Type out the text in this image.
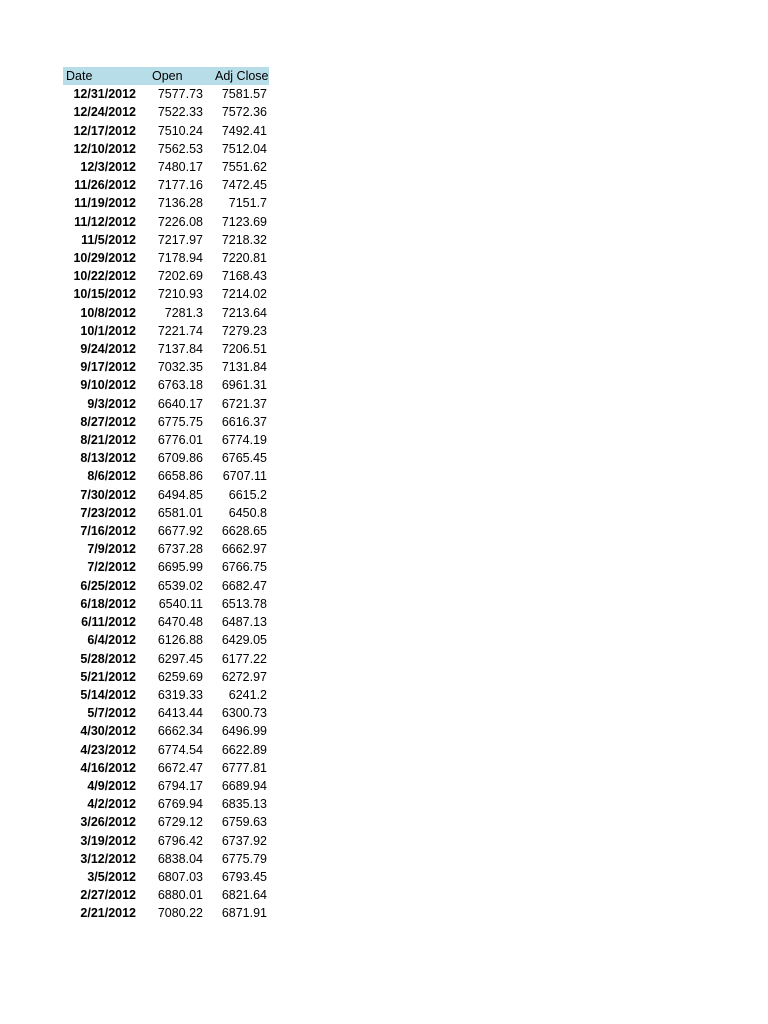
Date	Open	Adj Close
12/31/2012	7577.73	7581.57
12/24/2012	7522.33	7572.36
12/17/2012	7510.24	7492.41
12/10/2012	7562.53	7512.04
12/3/2012	7480.17	7551.62
11/26/2012	7177.16	7472.45
11/19/2012	7136.28	7151.7
11/12/2012	7226.08	7123.69
11/5/2012	7217.97	7218.32
10/29/2012	7178.94	7220.81
10/22/2012	7202.69	7168.43
10/15/2012	7210.93	7214.02
10/8/2012	7281.3	7213.64
10/1/2012	7221.74	7279.23
9/24/2012	7137.84	7206.51
9/17/2012	7032.35	7131.84
9/10/2012	6763.18	6961.31
9/3/2012	6640.17	6721.37
8/27/2012	6775.75	6616.37
8/21/2012	6776.01	6774.19
8/13/2012	6709.86	6765.45
8/6/2012	6658.86	6707.11
7/30/2012	6494.85	6615.2
7/23/2012	6581.01	6450.8
7/16/2012	6677.92	6628.65
7/9/2012	6737.28	6662.97
7/2/2012	6695.99	6766.75
6/25/2012	6539.02	6682.47
6/18/2012	6540.11	6513.78
6/11/2012	6470.48	6487.13
6/4/2012	6126.88	6429.05
5/28/2012	6297.45	6177.22
5/21/2012	6259.69	6272.97
5/14/2012	6319.33	6241.2
5/7/2012	6413.44	6300.73
4/30/2012	6662.34	6496.99
4/23/2012	6774.54	6622.89
4/16/2012	6672.47	6777.81
4/9/2012	6794.17	6689.94
4/2/2012	6769.94	6835.13
3/26/2012	6729.12	6759.63
3/19/2012	6796.42	6737.92
3/12/2012	6838.04	6775.79
3/5/2012	6807.03	6793.45
2/27/2012	6880.01	6821.64
2/21/2012	7080.22	6871.91
